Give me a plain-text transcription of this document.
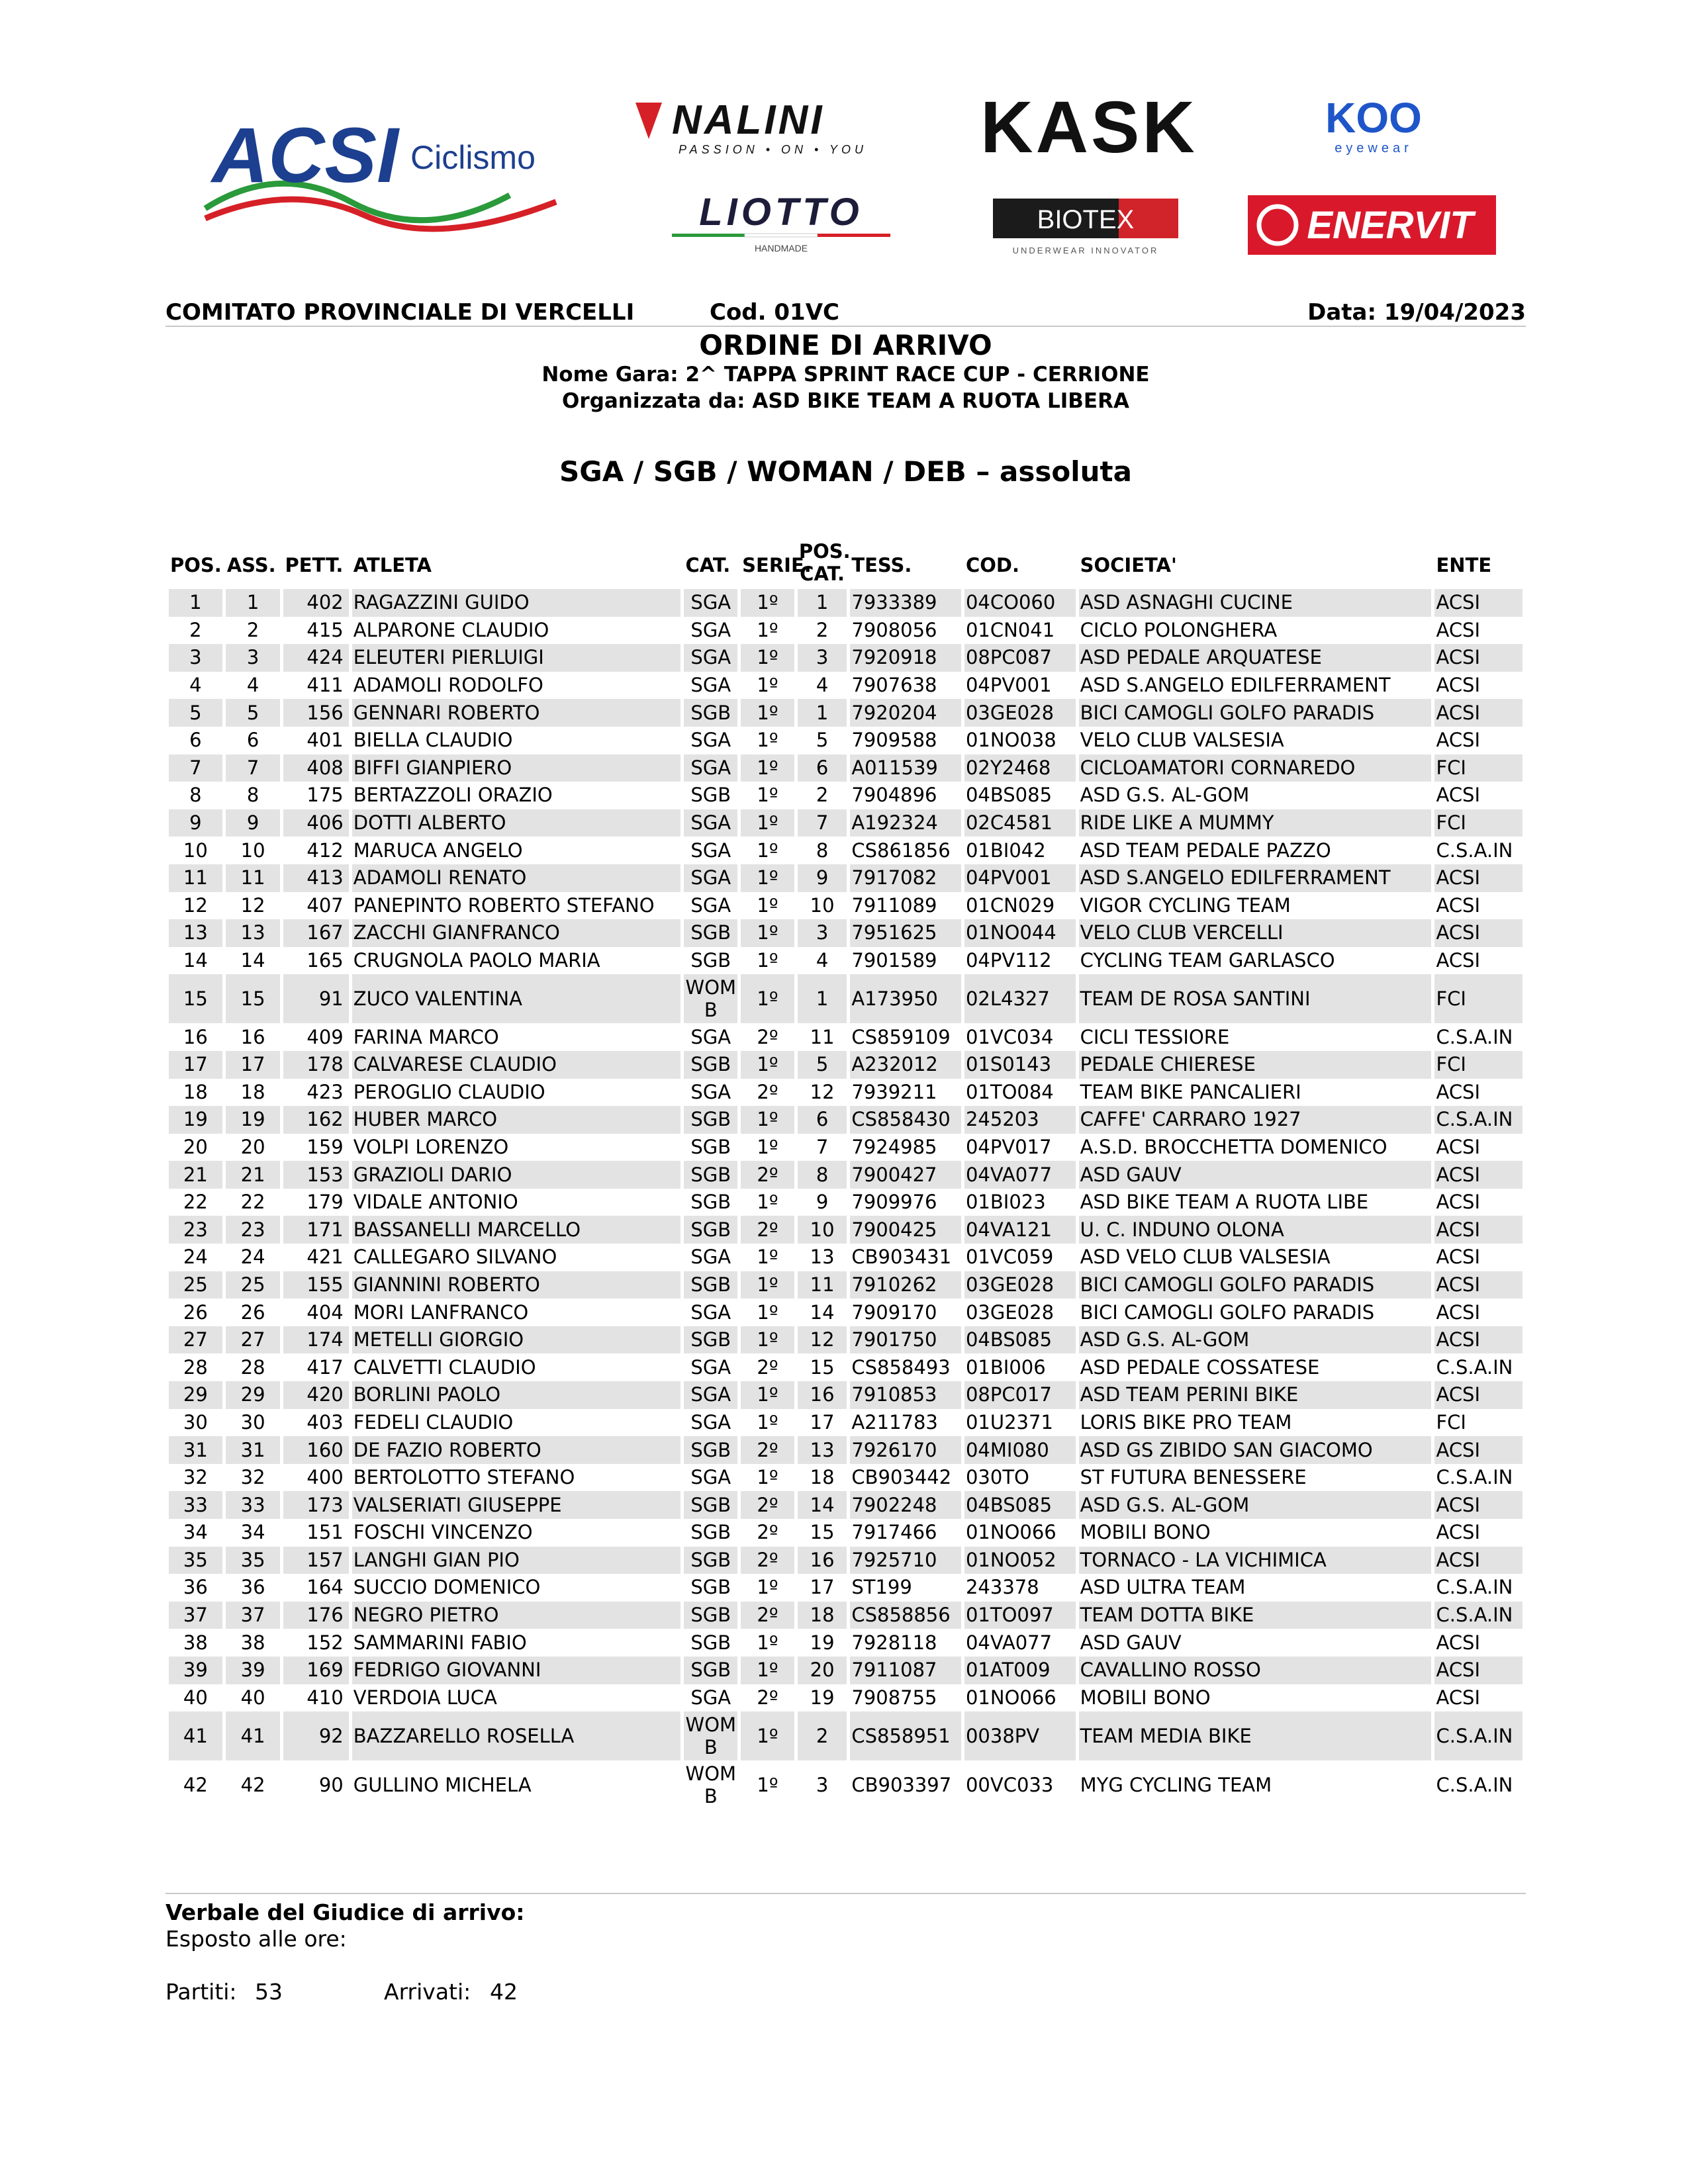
ACSI Ciclismo
NALINI
PASSION • ON • YOU KASK	KOO
eyewear
LIOTTO
HANDMADE
BIOTEX
UNDERWEAR INNOVATOR
ENERVIT
COMITATO PROVINCIALE DI VERCELLI	Cod. 01VC	Data: 19/04/2023
ORDINE DI ARRIVO
Nome Gara: 2^ TAPPA SPRINT RACE CUP - CERRIONE
Organizzata da: ASD BIKE TEAM A RUOTA LIBERA
SGA / SGB / WOMAN / DEB – assoluta
POS.	ASS.	PETT.	ATLETA	CAT.	SERIE.	POS. CAT.	TESS.	COD.	SOCIETA'	ENTE
1	1	402	RAGAZZINI GUIDO	SGA	1º	1	7933389	04CO060	ASD ASNAGHI CUCINE	ACSI
2	2	415	ALPARONE CLAUDIO	SGA	1º	2	7908056	01CN041	CICLO POLONGHERA	ACSI
3	3	424	ELEUTERI PIERLUIGI	SGA	1º	3	7920918	08PC087	ASD PEDALE ARQUATESE	ACSI
4	4	411	ADAMOLI RODOLFO	SGA	1º	4	7907638	04PV001	ASD S.ANGELO EDILFERRAMENT	ACSI
5	5	156	GENNARI ROBERTO	SGB	1º	1	7920204	03GE028	BICI CAMOGLI GOLFO PARADIS	ACSI
6	6	401	BIELLA CLAUDIO	SGA	1º	5	7909588	01NO038	VELO CLUB VALSESIA	ACSI
7	7	408	BIFFI GIANPIERO	SGA	1º	6	A011539	02Y2468	CICLOAMATORI CORNAREDO	FCI
8	8	175	BERTAZZOLI ORAZIO	SGB	1º	2	7904896	04BS085	ASD G.S. AL-GOM	ACSI
9	9	406	DOTTI ALBERTO	SGA	1º	7	A192324	02C4581	RIDE LIKE A MUMMY	FCI
10	10	412	MARUCA ANGELO	SGA	1º	8	CS861856	01BI042	ASD TEAM PEDALE PAZZO	C.S.A.IN
11	11	413	ADAMOLI RENATO	SGA	1º	9	7917082	04PV001	ASD S.ANGELO EDILFERRAMENT	ACSI
12	12	407	PANEPINTO ROBERTO STEFANO	SGA	1º	10	7911089	01CN029	VIGOR CYCLING TEAM	ACSI
13	13	167	ZACCHI GIANFRANCO	SGB	1º	3	7951625	01NO044	VELO CLUB VERCELLI	ACSI
14	14	165	CRUGNOLA PAOLO MARIA	SGB	1º	4	7901589	04PV112	CYCLING TEAM GARLASCO	ACSI
15	15	91	ZUCO VALENTINA	WOM B	1º	1	A173950	02L4327	TEAM DE ROSA SANTINI	FCI
16	16	409	FARINA MARCO	SGA	2º	11	CS859109	01VC034	CICLI TESSIORE	C.S.A.IN
17	17	178	CALVARESE CLAUDIO	SGB	1º	5	A232012	01S0143	PEDALE CHIERESE	FCI
18	18	423	PEROGLIO CLAUDIO	SGA	2º	12	7939211	01TO084	TEAM BIKE PANCALIERI	ACSI
19	19	162	HUBER MARCO	SGB	1º	6	CS858430	245203	CAFFE' CARRARO 1927	C.S.A.IN
20	20	159	VOLPI LORENZO	SGB	1º	7	7924985	04PV017	A.S.D. BROCCHETTA DOMENICO	ACSI
21	21	153	GRAZIOLI DARIO	SGB	2º	8	7900427	04VA077	ASD GAUV	ACSI
22	22	179	VIDALE ANTONIO	SGB	1º	9	7909976	01BI023	ASD BIKE TEAM A RUOTA LIBE	ACSI
23	23	171	BASSANELLI MARCELLO	SGB	2º	10	7900425	04VA121	U. C. INDUNO OLONA	ACSI
24	24	421	CALLEGARO SILVANO	SGA	1º	13	CB903431	01VC059	ASD VELO CLUB VALSESIA	ACSI
25	25	155	GIANNINI ROBERTO	SGB	1º	11	7910262	03GE028	BICI CAMOGLI GOLFO PARADIS	ACSI
26	26	404	MORI LANFRANCO	SGA	1º	14	7909170	03GE028	BICI CAMOGLI GOLFO PARADIS	ACSI
27	27	174	METELLI GIORGIO	SGB	1º	12	7901750	04BS085	ASD G.S. AL-GOM	ACSI
28	28	417	CALVETTI CLAUDIO	SGA	2º	15	CS858493	01BI006	ASD PEDALE COSSATESE	C.S.A.IN
29	29	420	BORLINI PAOLO	SGA	1º	16	7910853	08PC017	ASD TEAM PERINI BIKE	ACSI
30	30	403	FEDELI CLAUDIO	SGA	1º	17	A211783	01U2371	LORIS BIKE PRO TEAM	FCI
31	31	160	DE FAZIO ROBERTO	SGB	2º	13	7926170	04MI080	ASD GS ZIBIDO SAN GIACOMO	ACSI
32	32	400	BERTOLOTTO STEFANO	SGA	1º	18	CB903442	030TO	ST FUTURA BENESSERE	C.S.A.IN
33	33	173	VALSERIATI GIUSEPPE	SGB	2º	14	7902248	04BS085	ASD G.S. AL-GOM	ACSI
34	34	151	FOSCHI VINCENZO	SGB	2º	15	7917466	01NO066	MOBILI BONO	ACSI
35	35	157	LANGHI GIAN PIO	SGB	2º	16	7925710	01NO052	TORNACO - LA VICHIMICA	ACSI
36	36	164	SUCCIO DOMENICO	SGB	1º	17	ST199	243378	ASD ULTRA TEAM	C.S.A.IN
37	37	176	NEGRO PIETRO	SGB	2º	18	CS858856	01TO097	TEAM DOTTA BIKE	C.S.A.IN
38	38	152	SAMMARINI FABIO	SGB	1º	19	7928118	04VA077	ASD GAUV	ACSI
39	39	169	FEDRIGO GIOVANNI	SGB	1º	20	7911087	01AT009	CAVALLINO ROSSO	ACSI
40	40	410	VERDOIA LUCA	SGA	2º	19	7908755	01NO066	MOBILI BONO	ACSI
41	41	92	BAZZARELLO ROSELLA	WOM B	1º	2	CS858951	0038PV	TEAM MEDIA BIKE	C.S.A.IN
42	42	90	GULLINO MICHELA	WOM B	1º	3	CB903397	00VC033	MYG CYCLING TEAM	C.S.A.IN
Verbale del Giudice di arrivo:
Esposto alle ore:
Partiti: 53	Arrivati: 42
